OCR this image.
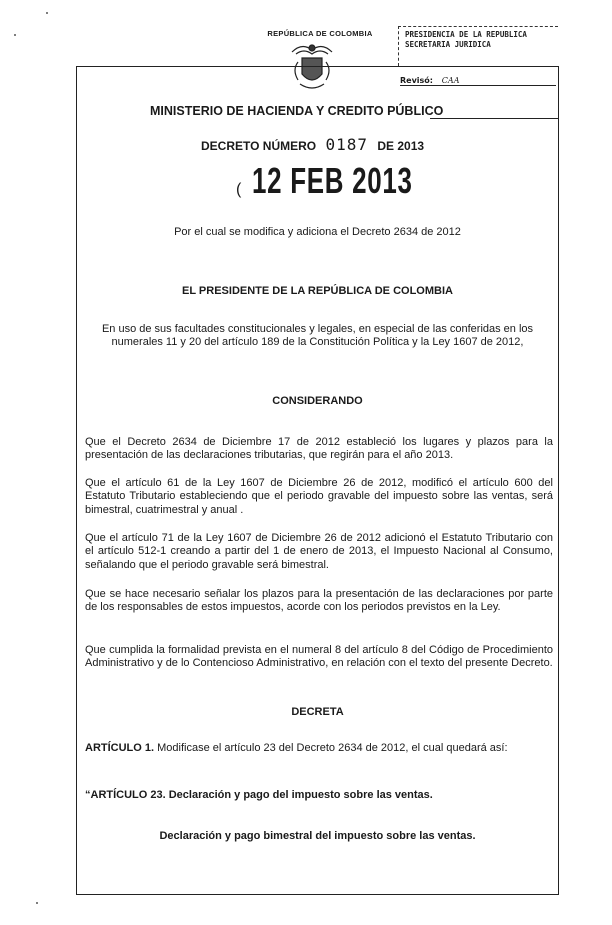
REPÚBLICA DE COLOMBIA	PRESIDENCIA DE LA REPUBLICA
SECRETARIA JURIDICA
Revisó: CAA
MINISTERIO DE HACIENDA Y CREDITO PÚBLICO
DECRETO NÚMERO 0187 DE 2013
( 12 FEB 2013
Por el cual se modifica y adiciona el Decreto 2634 de 2012
EL PRESIDENTE DE LA REPÚBLICA DE COLOMBIA
En uso de sus facultades constitucionales y legales, en especial de las conferidas en los numerales 11 y 20 del artículo 189 de la Constitución Política y la Ley 1607 de 2012,
CONSIDERANDO
Que el Decreto 2634 de Diciembre 17 de 2012 estableció los lugares y plazos para la presentación de las declaraciones tributarias, que regirán para el año 2013.
Que el artículo 61 de la Ley 1607 de Diciembre 26 de 2012, modificó el artículo 600 del Estatuto Tributario estableciendo que el periodo gravable del impuesto sobre las ventas, será bimestral, cuatrimestral y anual .
Que el artículo 71 de la Ley 1607 de Diciembre 26 de 2012 adicionó el Estatuto Tributario con el artículo 512-1 creando a partir del 1 de enero de 2013, el Impuesto Nacional al Consumo, señalando que el periodo gravable será bimestral.
Que se hace necesario señalar los plazos para la presentación de las declaraciones por parte de los responsables de estos impuestos, acorde con los periodos previstos en la Ley.
Que cumplida la formalidad prevista en el numeral 8 del artículo 8 del Código de Procedimiento Administrativo y de lo Contencioso Administrativo, en relación con el texto del presente Decreto.
DECRETA
ARTÍCULO 1. Modificase el artículo 23 del Decreto 2634 de 2012, el cual quedará así:
“ARTÍCULO 23. Declaración y pago del impuesto sobre las ventas.
Declaración y pago bimestral del impuesto sobre las ventas.
